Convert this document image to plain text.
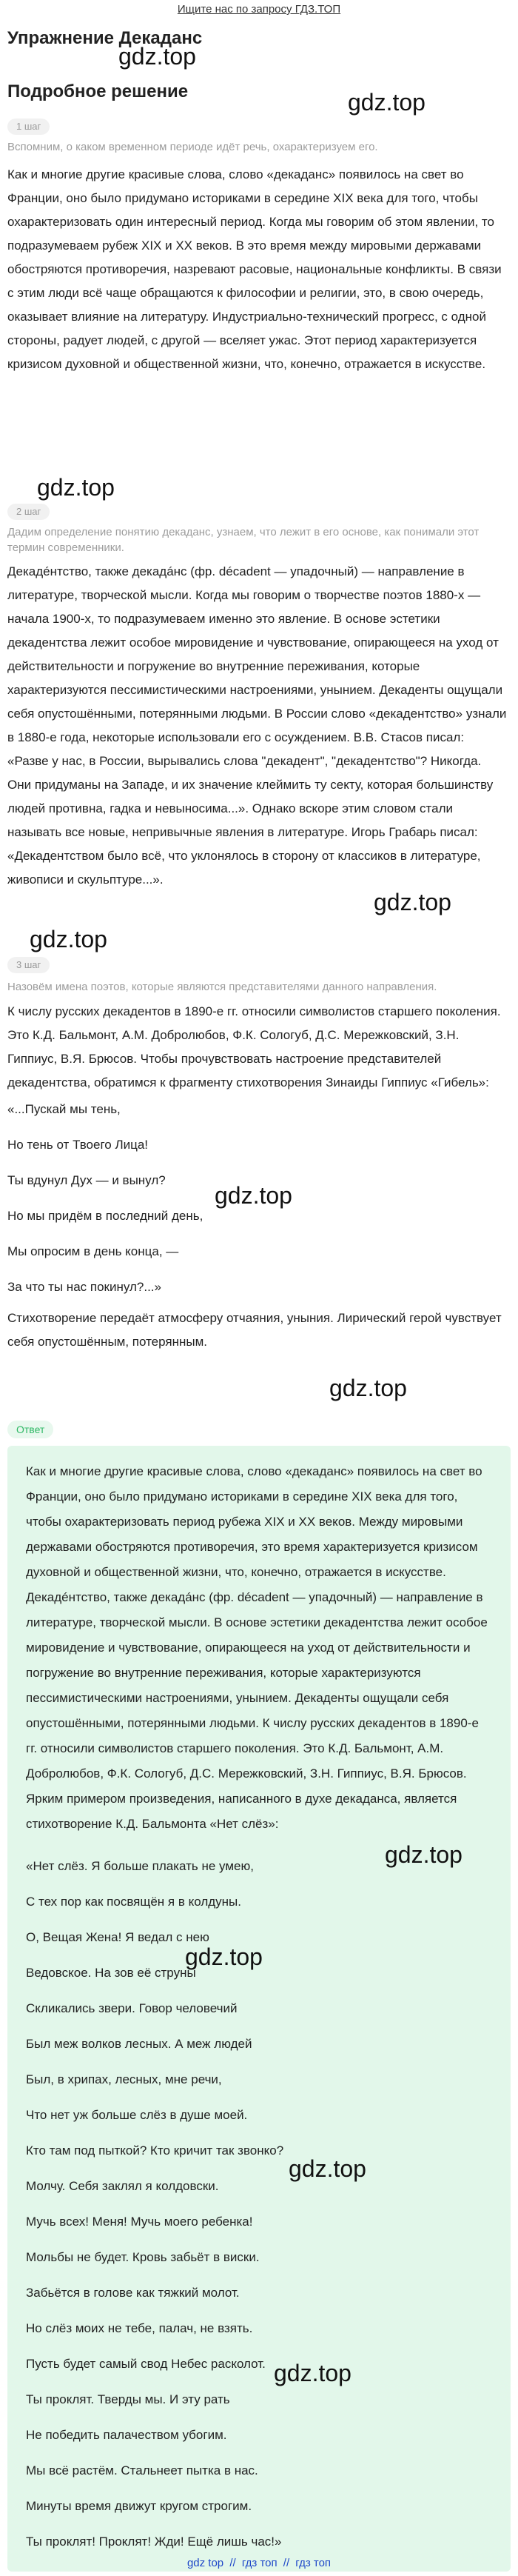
Ищите нас по запросу ГДЗ.ТОП
Упражнение Декаданс
gdz.top
Подробное решение	gdz.top
1 шаг
Вспомним, о каком временном периоде идёт речь, охарактеризуем его.

Как и многие другие красивые слова, слово «декаданс» появилось на свет во Франции, оно было придумано историками в середине XIX века для того, чтобы охарактеризовать один интересный период. Когда мы говорим об этом явлении, то подразумеваем рубеж XIX и XX веков. В это время между мировыми державами обостряются противоречия, назревают расовые, национальные конфликты. В связи с этим люди всё чаще обращаются к философии и религии, это, в свою очередь, оказывает влияние на литературу. Индустриально-технический прогресс, с одной стороны, радует людей, с другой — вселяет ужас. Этот период характеризуется кризисом духовной и общественной жизни, что, конечно, отражается в искусстве.

gdz.top
2 шаг
Дадим определение понятию декаданс, узнаем, что лежит в его основе, как понимали этот термин современники.

Декадéнтство, также декадáнс (фр. décadent — упадочный) — направление в литературе, творческой мысли. Когда мы говорим о творчестве поэтов 1880-х — начала 1900-х, то подразумеваем именно это явление. В основе эстетики декадентства лежит особое мировидение и чувствование, опирающееся на уход от действительности и погружение во внутренние переживания, которые характеризуются пессимистическими настроениями, унынием. Декаденты ощущали себя опустошёнными, потерянными людьми. В России слово «декадентство» узнали в 1880-е года, некоторые использовали его с осуждением. В.В. Стасов писал: «Разве у нас, в России, вырывались слова "декадент", "декадентство"? Никогда. Они придуманы на Западе, и их значение клеймить ту секту, которая большинству людей противна, гадка и невыносима...». Однако вскоре этим словом стали называть все новые, непривычные явления в литературе. Игорь Грабарь писал: «Декадентством было всё, что уклонялось в сторону от классиков в литературе, живописи и скульптуре...».

gdz.top
gdz.top
3 шаг
Назовём имена поэтов, которые являются представителями данного направления.

К числу русских декадентов в 1890-е гг. относили символистов старшего поколения. Это К.Д. Бальмонт, А.М. Добролюбов, Ф.К. Сологуб, Д.С. Мережковский, З.Н. Гиппиус, В.Я. Брюсов. Чтобы прочувствовать настроение представителей декадентства, обратимся к фрагменту стихотворения Зинаиды Гиппиус «Гибель»:

«...Пускай мы тень,
Но тень от Твоего Лица!
Ты вдунул Дух — и вынул?
gdz.top
Но мы придём в последний день,
Мы опросим в день конца, —
За что ты нас покинул?...»

Стихотворение передаёт атмосферу отчаяния, уныния. Лирический герой чувствует себя опустошённым, потерянным.

gdz.top
Ответ

Как и многие другие красивые слова, слово «декаданс» появилось на свет во Франции, оно было придумано историками в середине XIX века для того, чтобы охарактеризовать период рубежа XIX и XX веков. Между мировыми державами обостряются противоречия, это время характеризуется кризисом духовной и общественной жизни, что, конечно, отражается в искусстве. Декадéнтство, также декадáнс (фр. décadent — упадочный) — направление в литературе, творческой мысли. В основе эстетики декадентства лежит особое мировидение и чувствование, опирающееся на уход от действительности и погружение во внутренние переживания, которые характеризуются пессимистическими настроениями, унынием. Декаденты ощущали себя опустошёнными, потерянными людьми. К числу русских декадентов в 1890-е гг. относили символистов старшего поколения. Это К.Д. Бальмонт, А.М. Добролюбов, Ф.К. Сологуб, Д.С. Мережковский, З.Н. Гиппиус, В.Я. Брюсов. Ярким примером произведения, написанного в духе декаданса, является стихотворение К.Д. Бальмонта «Нет слёз»:

gdz.top
«Нет слёз. Я больше плакать не умею,
С тех пор как посвящён я в колдуны.
О, Вещая Жена! Я ведал с нею
Ведовское. На зов её струны
gdz.top
Скликались звери. Говор человечий
Был меж волков лесных. А меж людей
Был, в хрипах, лесных, мне речи,
Что нет уж больше слёз в душе моей.
Кто там под пыткой? Кто кричит так звонко?
gdz.top
Молчу. Себя заклял я колдовски.
Мучь всех! Меня! Мучь моего ребенка!
Мольбы не будет. Кровь забьёт в виски.
Забьётся в голове как тяжкий молот.
Но слёз моих не тебе, палач, не взять.
Пусть будет самый свод Небес расколот. gdz.top
Ты проклят. Тверды мы. И эту рать
Не победить палачеством убогим.
Мы всё растём. Стальнеет пытка в нас.
Минуты время движут кругом строгим.
Ты проклят! Проклят! Жди! Ещё лишь час!»
gdz top // гдз топ // гдз топ
